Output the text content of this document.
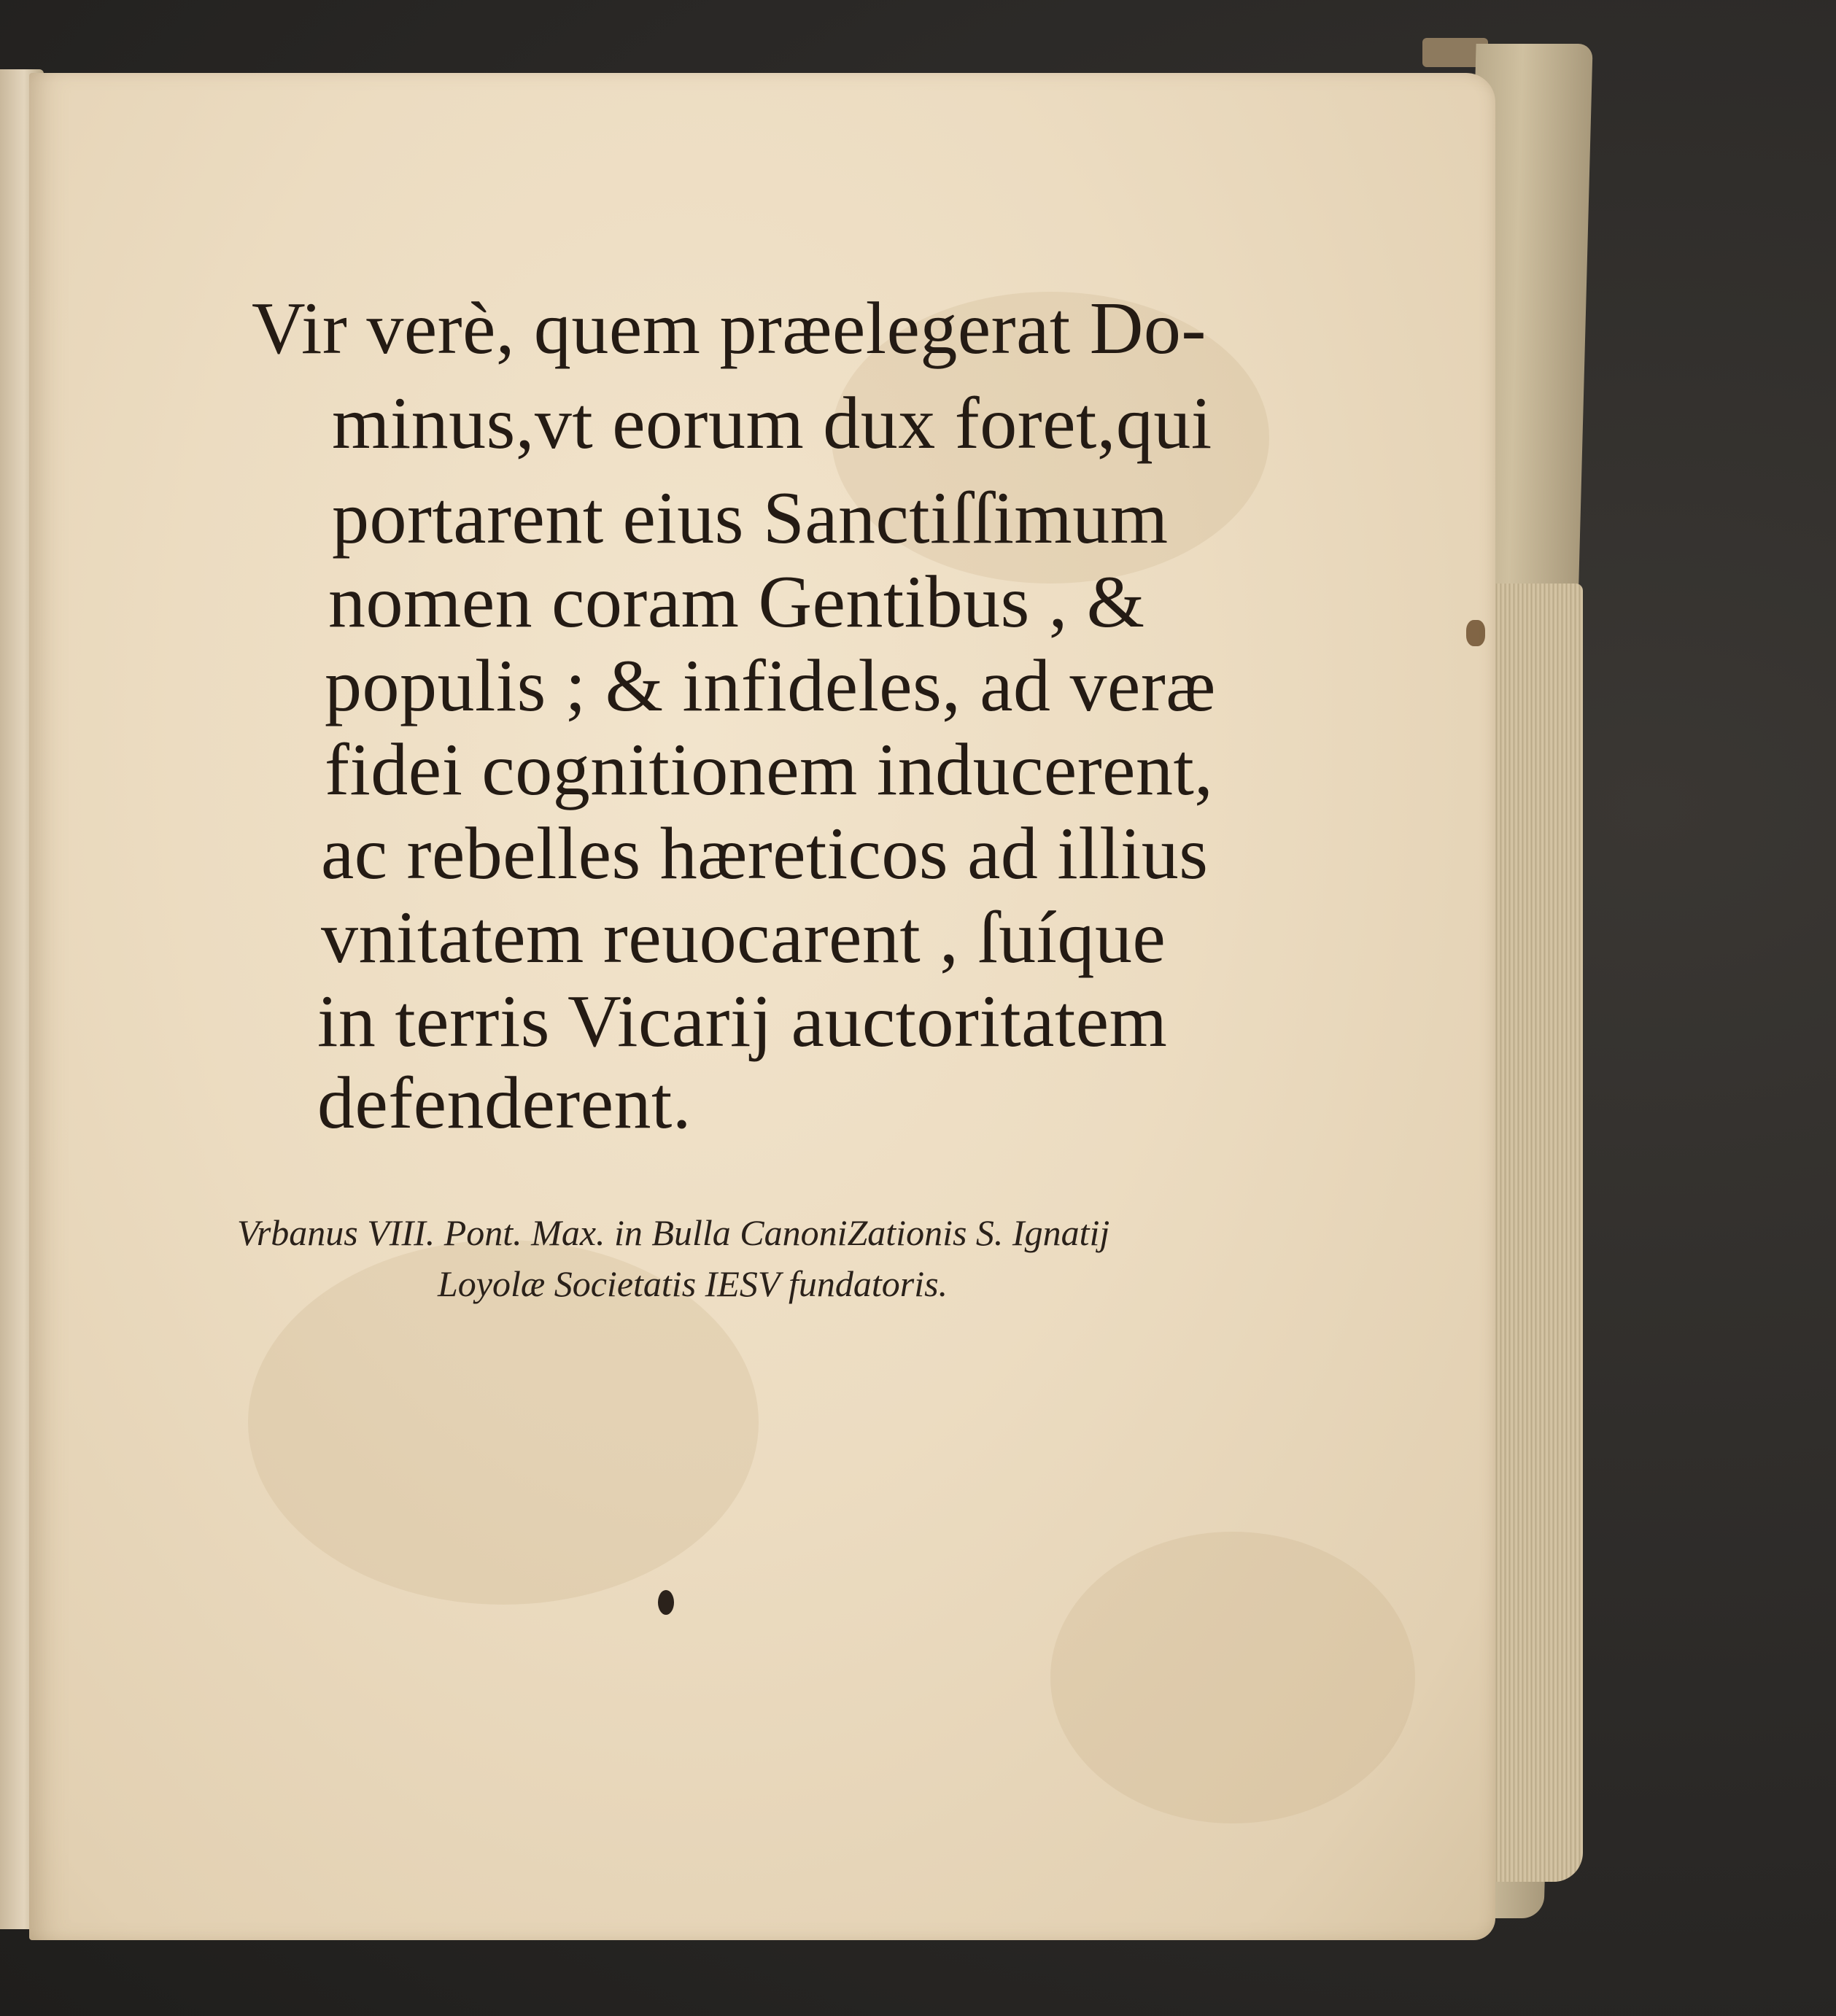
Vir verè, quem præelegerat Do-
minus,vt eorum dux foret,qui
portarent eius Sanctiſſimum
nomen coram Gentibus , &
populis ; & infideles, ad veræ
fidei cognitionem inducerent,
ac rebelles hæreticos ad illius
vnitatem reuocarent , ſuíque
in terris Vicarij auctoritatem
defenderent.
Vrbanus VIII. Pont. Max. in Bulla CanoniZationis S. Ignatij
Loyolæ Societatis IESV fundatoris.
